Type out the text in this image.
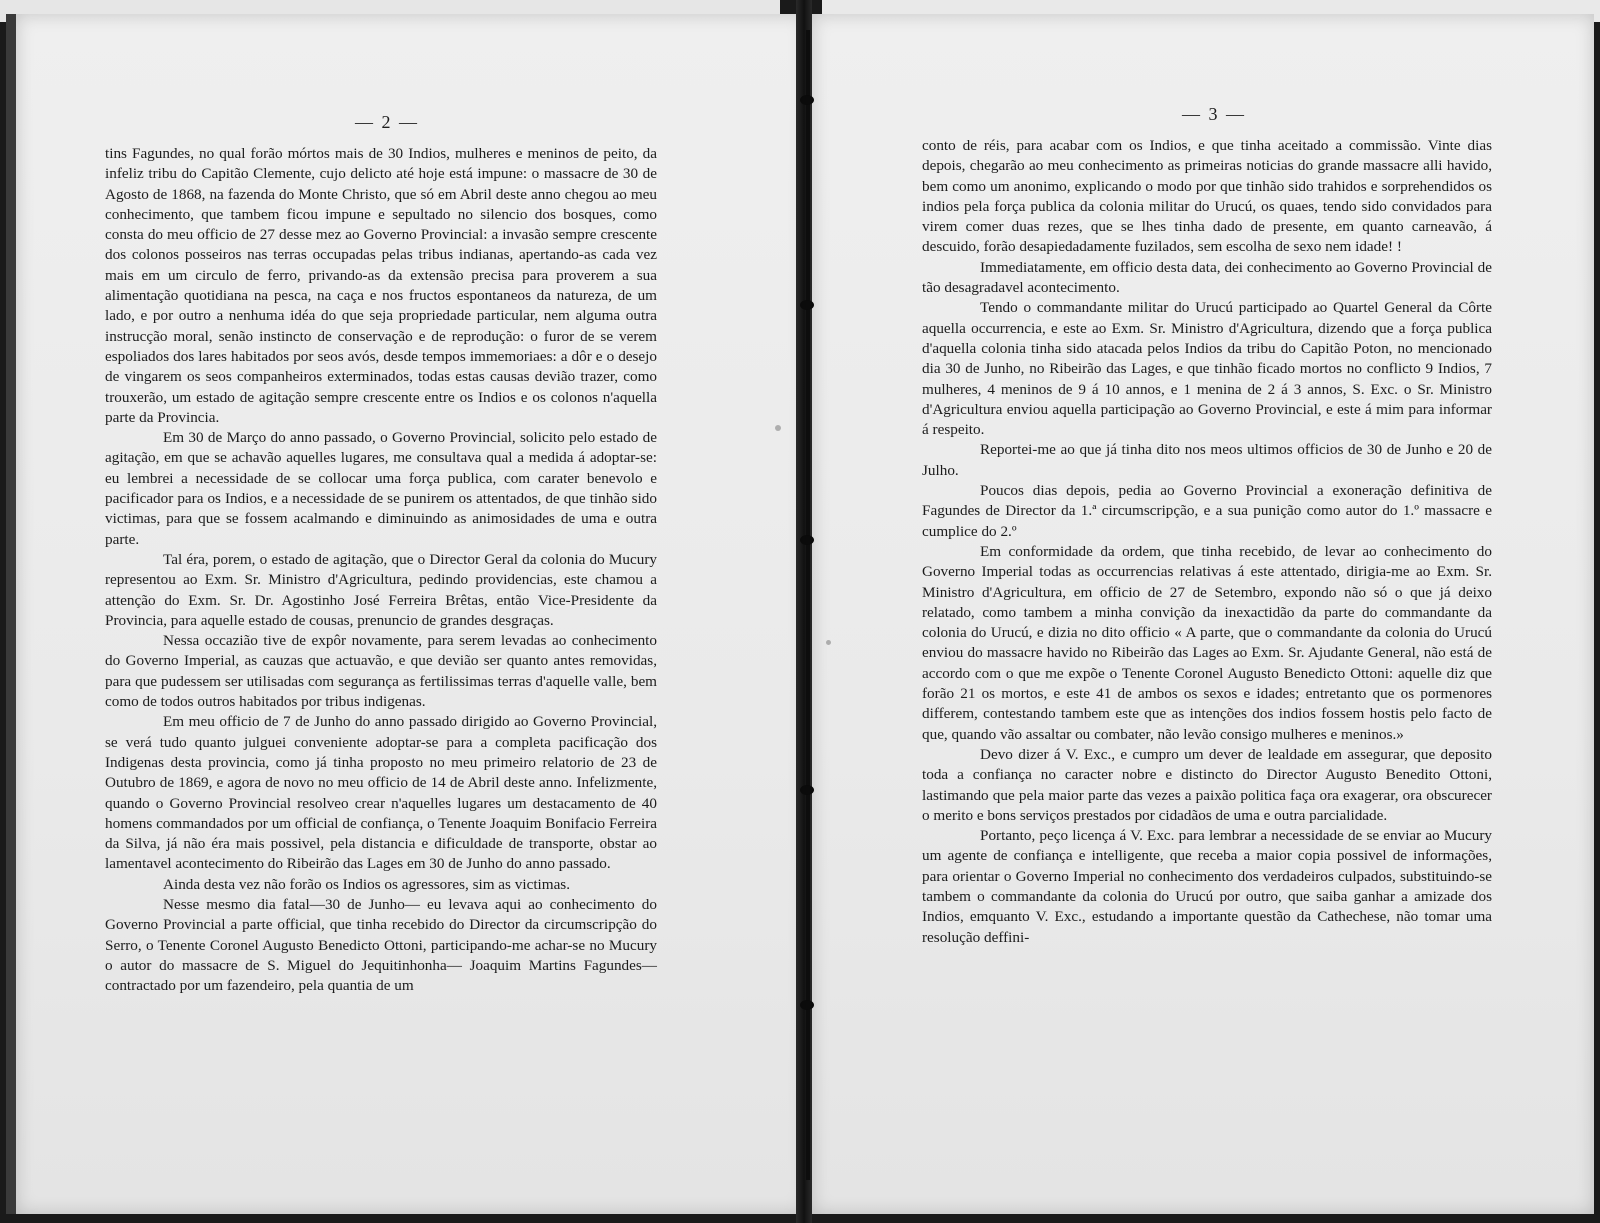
— 2 —	— 3 —

tins Fagundes, no qual forão mórtos mais de 30 Indios, mulheres e meninos de peito, da infeliz tribu do Capitão Clemente, cujo delicto até hoje está impune: o massacre de 30 de Agosto de 1868, na fazenda do Monte Christo, que só em Abril deste anno chegou ao meu conhecimento, que tambem ficou impune e sepultado no silencio dos bosques, como consta do meu officio de 27 desse mez ao Governo Provincial: a invasão sempre crescente dos colonos posseiros nas terras occupadas pelas tribus indianas, apertando-as cada vez mais em um circulo de ferro, privando-as da extensão precisa para proverem a sua alimentação quotidiana na pesca, na caça e nos fructos espontaneos da natureza, de um lado, e por outro a nenhuma idéa do que seja propriedade particular, nem alguma outra instrucção moral, senão instincto de conservação e de reprodução: o furor de se verem espoliados dos lares habitados por seos avós, desde tempos immemoriaes: a dôr e o desejo de vingarem os seos companheiros exterminados, todas estas causas devião trazer, como trouxerão, um estado de agitação sempre crescente entre os Indios e os colonos n'aquella parte da Provincia.

Em 30 de Março do anno passado, o Governo Provincial, solicito pelo estado de agitação, em que se achavão aquelles lugares, me consultava qual a medida á adoptar-se: eu lembrei a necessidade de se collocar uma força publica, com carater benevolo e pacificador para os Indios, e a necessidade de se punirem os attentados, de que tinhão sido victimas, para que se fossem acalmando e diminuindo as animosidades de uma e outra parte.

Tal éra, porem, o estado de agitação, que o Director Geral da colonia do Mucury representou ao Exm. Sr. Ministro d'Agricultura, pedindo providencias, este chamou a attenção do Exm. Sr. Dr. Agostinho José Ferreira Brêtas, então Vice-Presidente da Provincia, para aquelle estado de cousas, prenuncio de grandes desgraças.

Nessa occazião tive de expôr novamente, para serem levadas ao conhecimento do Governo Imperial, as cauzas que actuavão, e que devião ser quanto antes removidas, para que pudessem ser utilisadas com segurança as fertilissimas terras d'aquelle valle, bem como de todos outros habitados por tribus indigenas.

Em meu officio de 7 de Junho do anno passado dirigido ao Governo Provincial, se verá tudo quanto julguei conveniente adoptar-se para a completa pacificação dos Indigenas desta provincia, como já tinha proposto no meu primeiro relatorio de 23 de Outubro de 1869, e agora de novo no meu officio de 14 de Abril deste anno. Infelizmente, quando o Governo Provincial resolveo crear n'aquelles lugares um destacamento de 40 homens commandados por um official de confiança, o Tenente Joaquim Bonifacio Ferreira da Silva, já não éra mais possivel, pela distancia e dificuldade de transporte, obstar ao lamentavel acontecimento do Ribeirão das Lages em 30 de Junho do anno passado.

Ainda desta vez não forão os Indios os agressores, sim as victimas.

Nesse mesmo dia fatal—30 de Junho— eu levava aqui ao conhecimento do Governo Provincial a parte official, que tinha recebido do Director da circumscripção do Serro, o Tenente Coronel Augusto Benedicto Ottoni, participando-me achar-se no Mucury o autor do massacre de S. Miguel do Jequitinhonha— Joaquim Martins Fagundes—contractado por um fazendeiro, pela quantia de um

conto de réis, para acabar com os Indios, e que tinha aceitado a commissão. Vinte dias depois, chegarão ao meu conhecimento as primeiras noticias do grande massacre alli havido, bem como um anonimo, explicando o modo por que tinhão sido trahidos e sorprehendidos os indios pela força publica da colonia militar do Urucú, os quaes, tendo sido convidados para virem comer duas rezes, que se lhes tinha dado de presente, em quanto carneavão, á descuido, forão desapiedadamente fuzilados, sem escolha de sexo nem idade! !

Immediatamente, em officio desta data, dei conhecimento ao Governo Provincial de tão desagradavel acontecimento.

Tendo o commandante militar do Urucú participado ao Quartel General da Côrte aquella occurrencia, e este ao Exm. Sr. Ministro d'Agricultura, dizendo que a força publica d'aquella colonia tinha sido atacada pelos Indios da tribu do Capitão Poton, no mencionado dia 30 de Junho, no Ribeirão das Lages, e que tinhão ficado mortos no conflicto 9 Indios, 7 mulheres, 4 meninos de 9 á 10 annos, e 1 menina de 2 á 3 annos, S. Exc. o Sr. Ministro d'Agricultura enviou aquella participação ao Governo Provincial, e este á mim para informar á respeito.

Reportei-me ao que já tinha dito nos meos ultimos officios de 30 de Junho e 20 de Julho.

Poucos dias depois, pedia ao Governo Provincial a exoneração definitiva de Fagundes de Director da 1.ª circumscripção, e a sua punição como autor do 1.º massacre e cumplice do 2.º

Em conformidade da ordem, que tinha recebido, de levar ao conhecimento do Governo Imperial todas as occurrencias relativas á este attentado, dirigia-me ao Exm. Sr. Ministro d'Agricultura, em officio de 27 de Setembro, expondo não só o que já deixo relatado, como tambem a minha convição da inexactidão da parte do commandante da colonia do Urucú, e dizia no dito officio « A parte, que o commandante da colonia do Urucú enviou do massacre havido no Ribeirão das Lages ao Exm. Sr. Ajudante General, não está de accordo com o que me expõe o Tenente Coronel Augusto Benedicto Ottoni: aquelle diz que forão 21 os mortos, e este 41 de ambos os sexos e idades; entretanto que os pormenores differem, contestando tambem este que as intenções dos indios fossem hostis pelo facto de que, quando vão assaltar ou combater, não levão consigo mulheres e meninos.»

Devo dizer á V. Exc., e cumpro um dever de lealdade em assegurar, que deposito toda a confiança no caracter nobre e distincto do Director Augusto Benedito Ottoni, lastimando que pela maior parte das vezes a paixão politica faça ora exagerar, ora obscurecer o merito e bons serviços prestados por cidadãos de uma e outra parcialidade.

Portanto, peço licença á V. Exc. para lembrar a necessidade de se enviar ao Mucury um agente de confiança e intelligente, que receba a maior copia possivel de informações, para orientar o Governo Imperial no conhecimento dos verdadeiros culpados, substituindo-se tambem o commandante da colonia do Urucú por outro, que saiba ganhar a amizade dos Indios, emquanto V. Exc., estudando a importante questão da Cathechese, não tomar uma resolução deffini-
